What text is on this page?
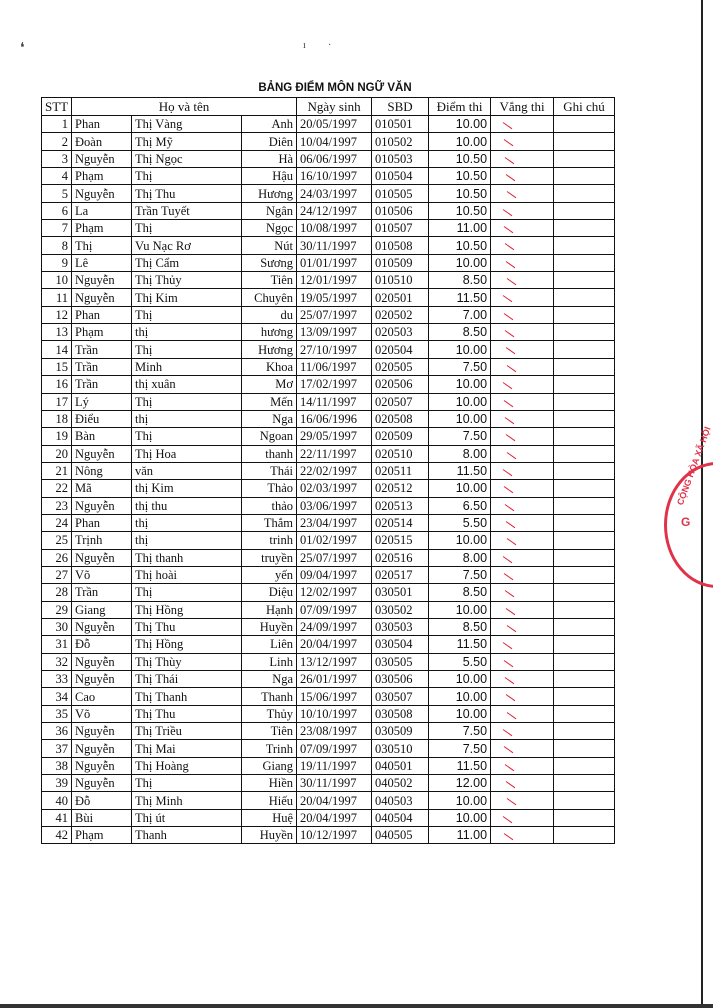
❛	ı ·
BẢNG ĐIỂM MÔN NGỮ VĂN
STT	Họ và tên			Ngày sinh	SBD	Điểm thi	Vắng thi	Ghi chú
1	Phan	Thị Vàng	Anh	20/05/1997	010501	10.00	

2	Đoàn	Thị Mỹ	Diên	10/04/1997	010502	10.00	

3	Nguyễn	Thị Ngọc	Hà	06/06/1997	010503	10.50	

4	Phạm	Thị	Hậu	16/10/1997	010504	10.50	

5	Nguyễn	Thị Thu	Hương	24/03/1997	010505	10.50	

6	La	Trần Tuyết	Ngân	24/12/1997	010506	10.50	

7	Phạm	Thị	Ngọc	10/08/1997	010507	11.00	

8	Thị	Vu Nạc Rơ	Nút	30/11/1997	010508	10.50	

9	Lê	Thị Cẩm	Sương	01/01/1997	010509	10.00	

10	Nguyễn	Thị Thủy	Tiên	12/01/1997	010510	8.50	

11	Nguyễn	Thị Kim	Chuyên	19/05/1997	020501	11.50	

12	Phan	Thị	du	25/07/1997	020502	7.00	

13	Phạm	thị	hương	13/09/1997	020503	8.50	

14	Trần	Thị	Hương	27/10/1997	020504	10.00	

15	Trần	Minh	Khoa	11/06/1997	020505	7.50	

16	Trần	thị xuân	Mơ	17/02/1997	020506	10.00	

17	Lý	Thị	Mến	14/11/1997	020507	10.00	

18	Điểu	thị	Nga	16/06/1996	020508	10.00	

19	Bàn	Thị	Ngoan	29/05/1997	020509	7.50	

20	Nguyễn	Thị Hoa	thanh	22/11/1997	020510	8.00	

21	Nông	văn	Thái	22/02/1997	020511	11.50	

22	Mã	thị Kim	Thảo	02/03/1997	020512	10.00	

23	Nguyễn	thị thu	thảo	03/06/1997	020513	6.50	

24	Phan	thị	Thắm	23/04/1997	020514	5.50	

25	Trịnh	thị	trinh	01/02/1997	020515	10.00	

26	Nguyễn	Thị thanh	truyền	25/07/1997	020516	8.00	

27	Võ	Thị hoài	yến	09/04/1997	020517	7.50	

28	Trần	Thị	Diệu	12/02/1997	030501	8.50	

29	Giang	Thị Hồng	Hạnh	07/09/1997	030502	10.00	

30	Nguyễn	Thị Thu	Huyền	24/09/1997	030503	8.50	

31	Đỗ	Thị Hồng	Liên	20/04/1997	030504	11.50	

32	Nguyễn	Thị Thùy	Linh	13/12/1997	030505	5.50	

33	Nguyễn	Thị Thái	Nga	26/01/1997	030506	10.00	

34	Cao	Thị Thanh	Thanh	15/06/1997	030507	10.00	

35	Võ	Thị Thu	Thủy	10/10/1997	030508	10.00	

36	Nguyễn	Thị Triều	Tiên	23/08/1997	030509	7.50	

37	Nguyễn	Thị Mai	Trinh	07/09/1997	030510	7.50	

38	Nguyễn	Thị Hoàng	Giang	19/11/1997	040501	11.50	

39	Nguyễn	Thị	Hiền	30/11/1997	040502	12.00	

40	Đỗ	Thị Minh	Hiếu	20/04/1997	040503	10.00	

41	Bùi	Thị út	Huệ	20/04/1997	040504	10.00	

42	Phạm	Thanh	Huyền	10/12/1997	040505	11.00	

CỘNG HÒA XÃ HỘI
G
